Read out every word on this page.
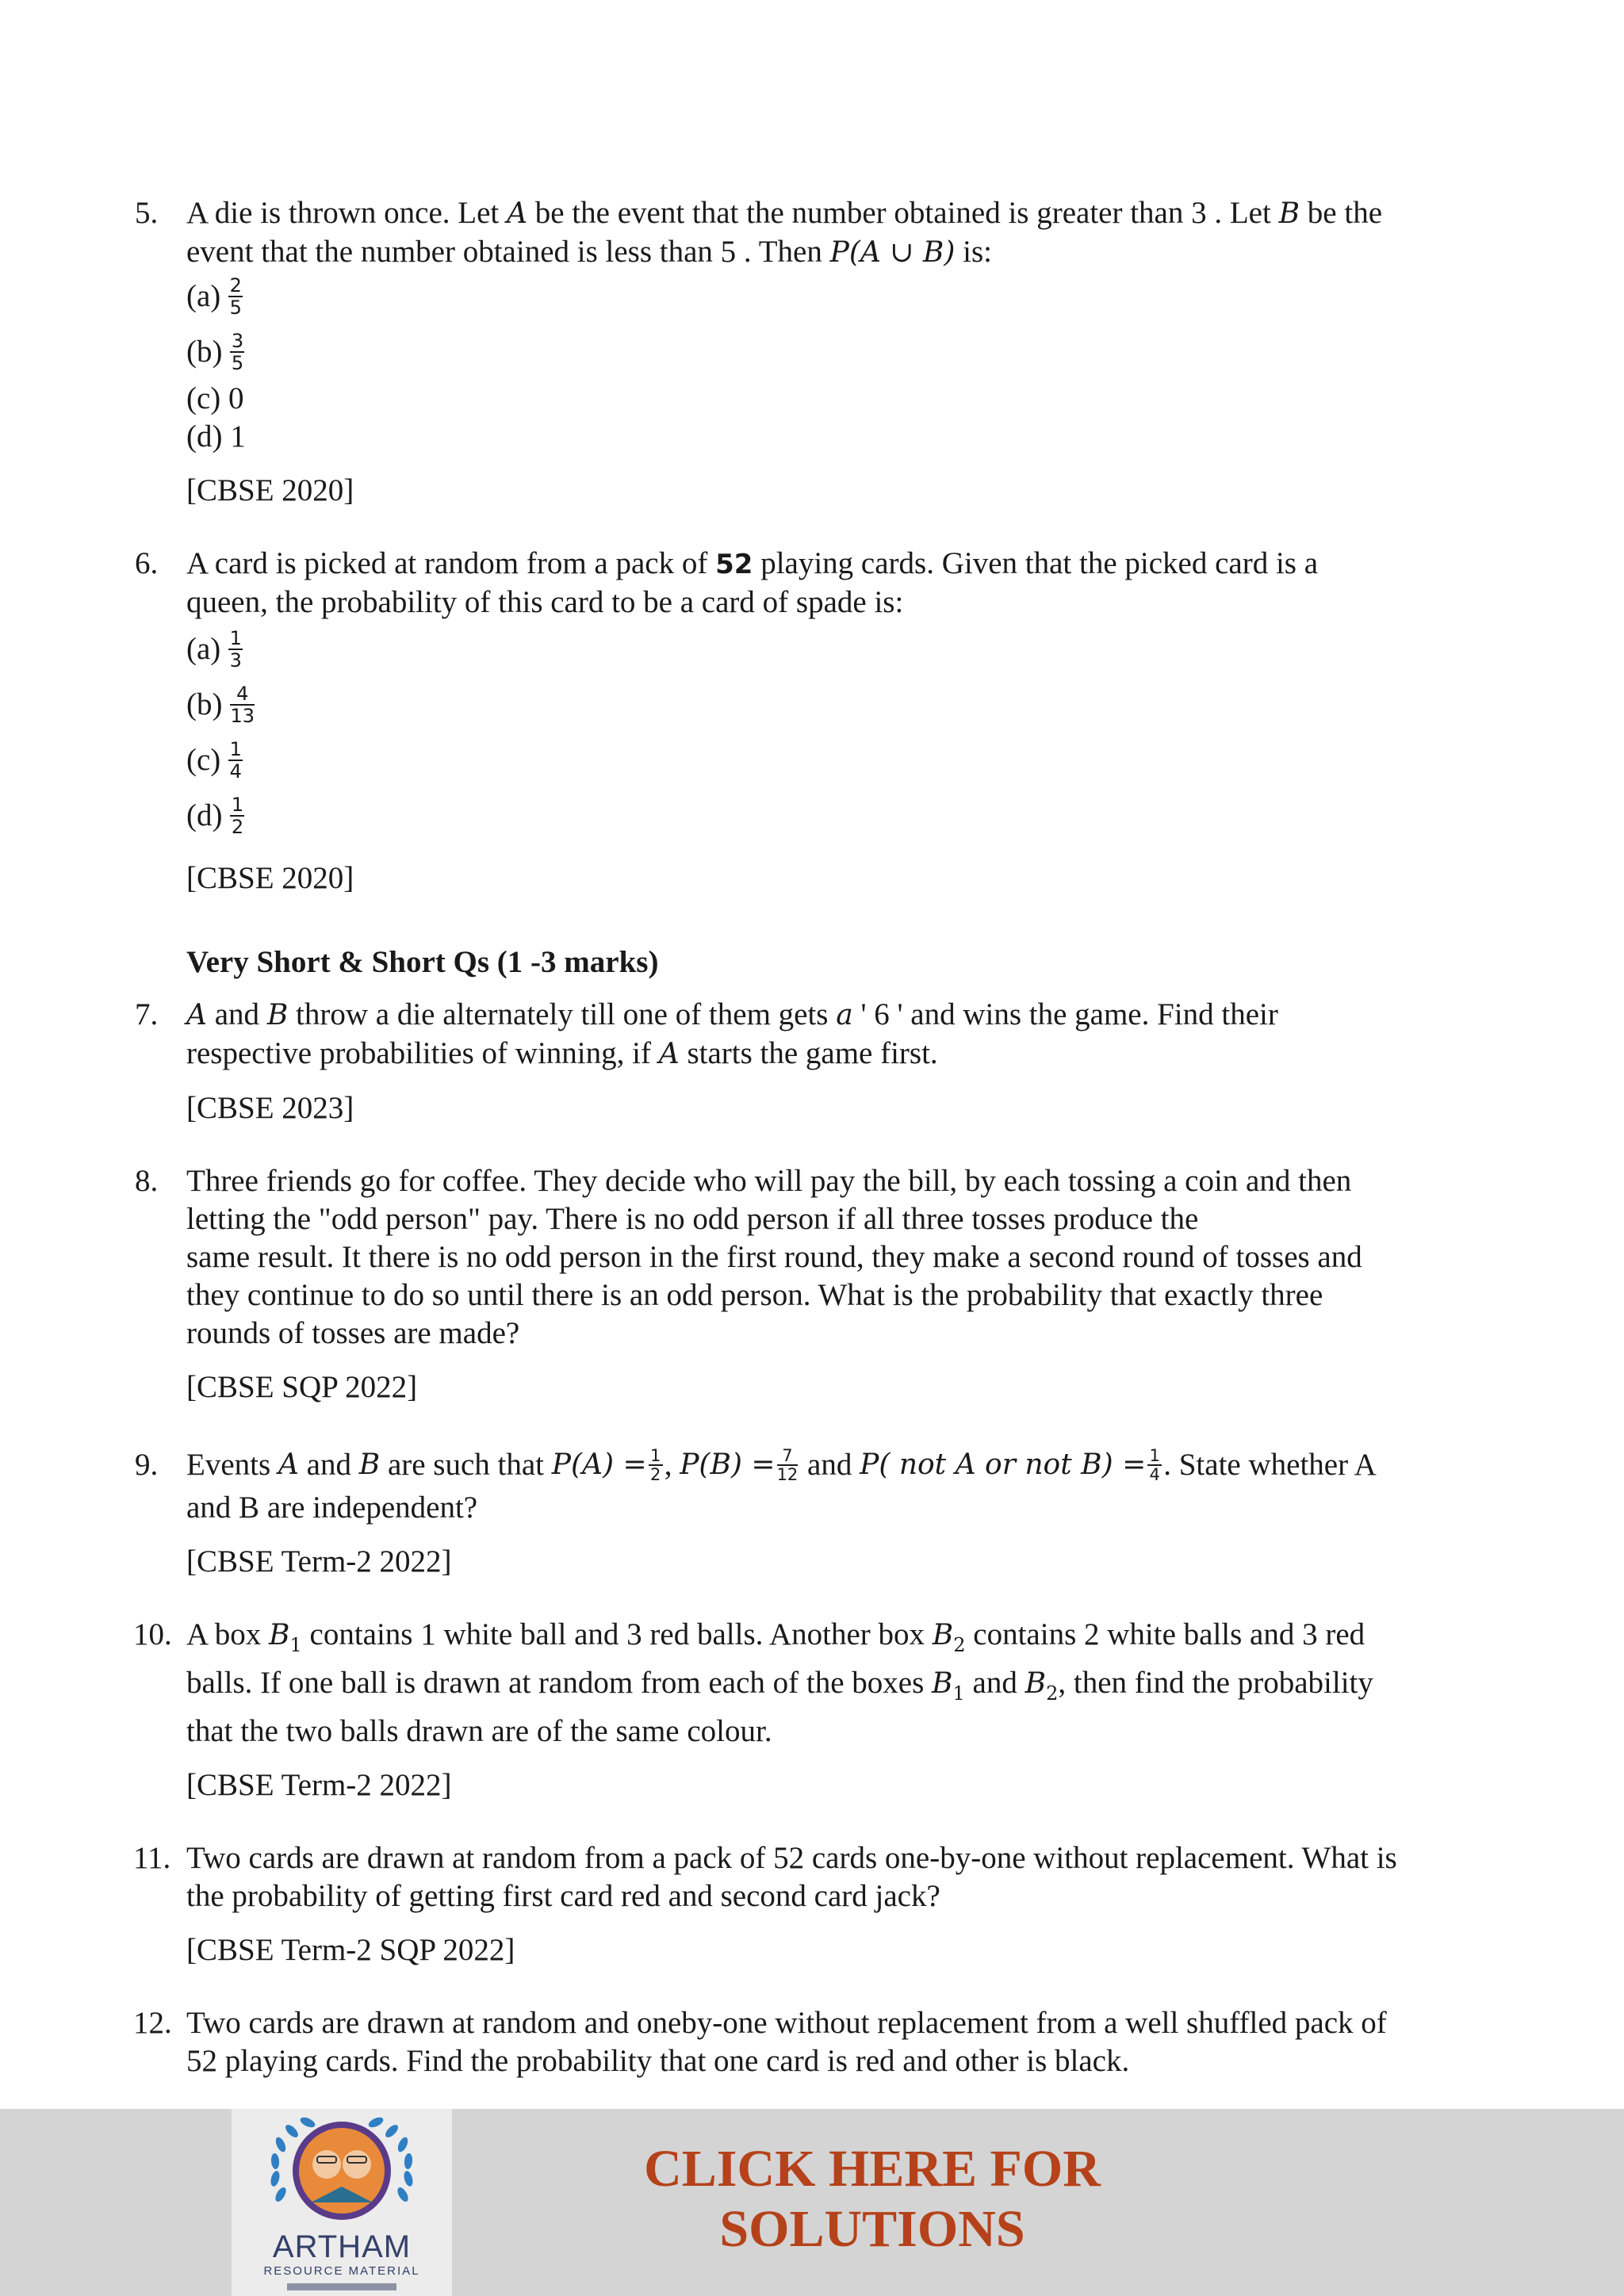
5. A die is thrown once. Let A be the event that the number obtained is greater than 3 . Let B be the
event that the number obtained is less than 5 . Then P(A ∪ B) is:
$(a) \frac{2}{5}$
$(b) \frac{3}{5}$
(c) 0
(d) 1
[CBSE 2020]
6. A card is picked at random from a pack of 52 playing cards. Given that the picked card is a
queen, the probability of this card to be a card of spade is:
$(a) \frac{1}{3}$
$(b) \frac{4}{13}$
$(c) \frac{1}{4}$
$(d) \frac{1}{2}$
[CBSE 2020]
Very Short & Short Qs (1 -3 marks)
7. A and B throw a die alternately till one of them gets a ' 6 ' and wins the game. Find their
respective probabilities of winning, if A starts the game first.
[CBSE 2023]
8. Three friends go for coffee. They decide who will pay the bill, by each tossing a coin and then
letting the "odd person" pay. There is no odd person if all three tosses produce the
same result. It there is no odd person in the first round, they make a second round of tosses and
they continue to do so until there is an odd person. What is the probability that exactly three
rounds of tosses are made?
[CBSE SQP 2022]
9. Events A and B are such that $P(A) = \frac{1}{2}$ , $P(B) = \frac{7}{12}$ and P( not A or not $B) = \frac{1}{4}$ . State whether A
and B are independent?
[CBSE Term-2 2022]
10. A box $B_1$ contains 1 white ball and 3 red balls. Another box $B_2$ contains 2 white balls and 3 red
balls. If one ball is drawn at random from each of the boxes $B_1$ and $B_2$, then find the probability
that the two balls drawn are of the same colour.
[CBSE Term-2 2022]
11. Two cards are drawn at random from a pack of 52 cards one-by-one without replacement. What is
the probability of getting first card red and second card jack?
[CBSE Term-2 SQP 2022]
12. Two cards are drawn at random and oneby-one without replacement from a well shuffled pack of
52 playing cards. Find the probability that one card is red and other is black.
ARTHAM
RESOURCE MATERIAL
CLICK HERE FOR
SOLUTIONS
